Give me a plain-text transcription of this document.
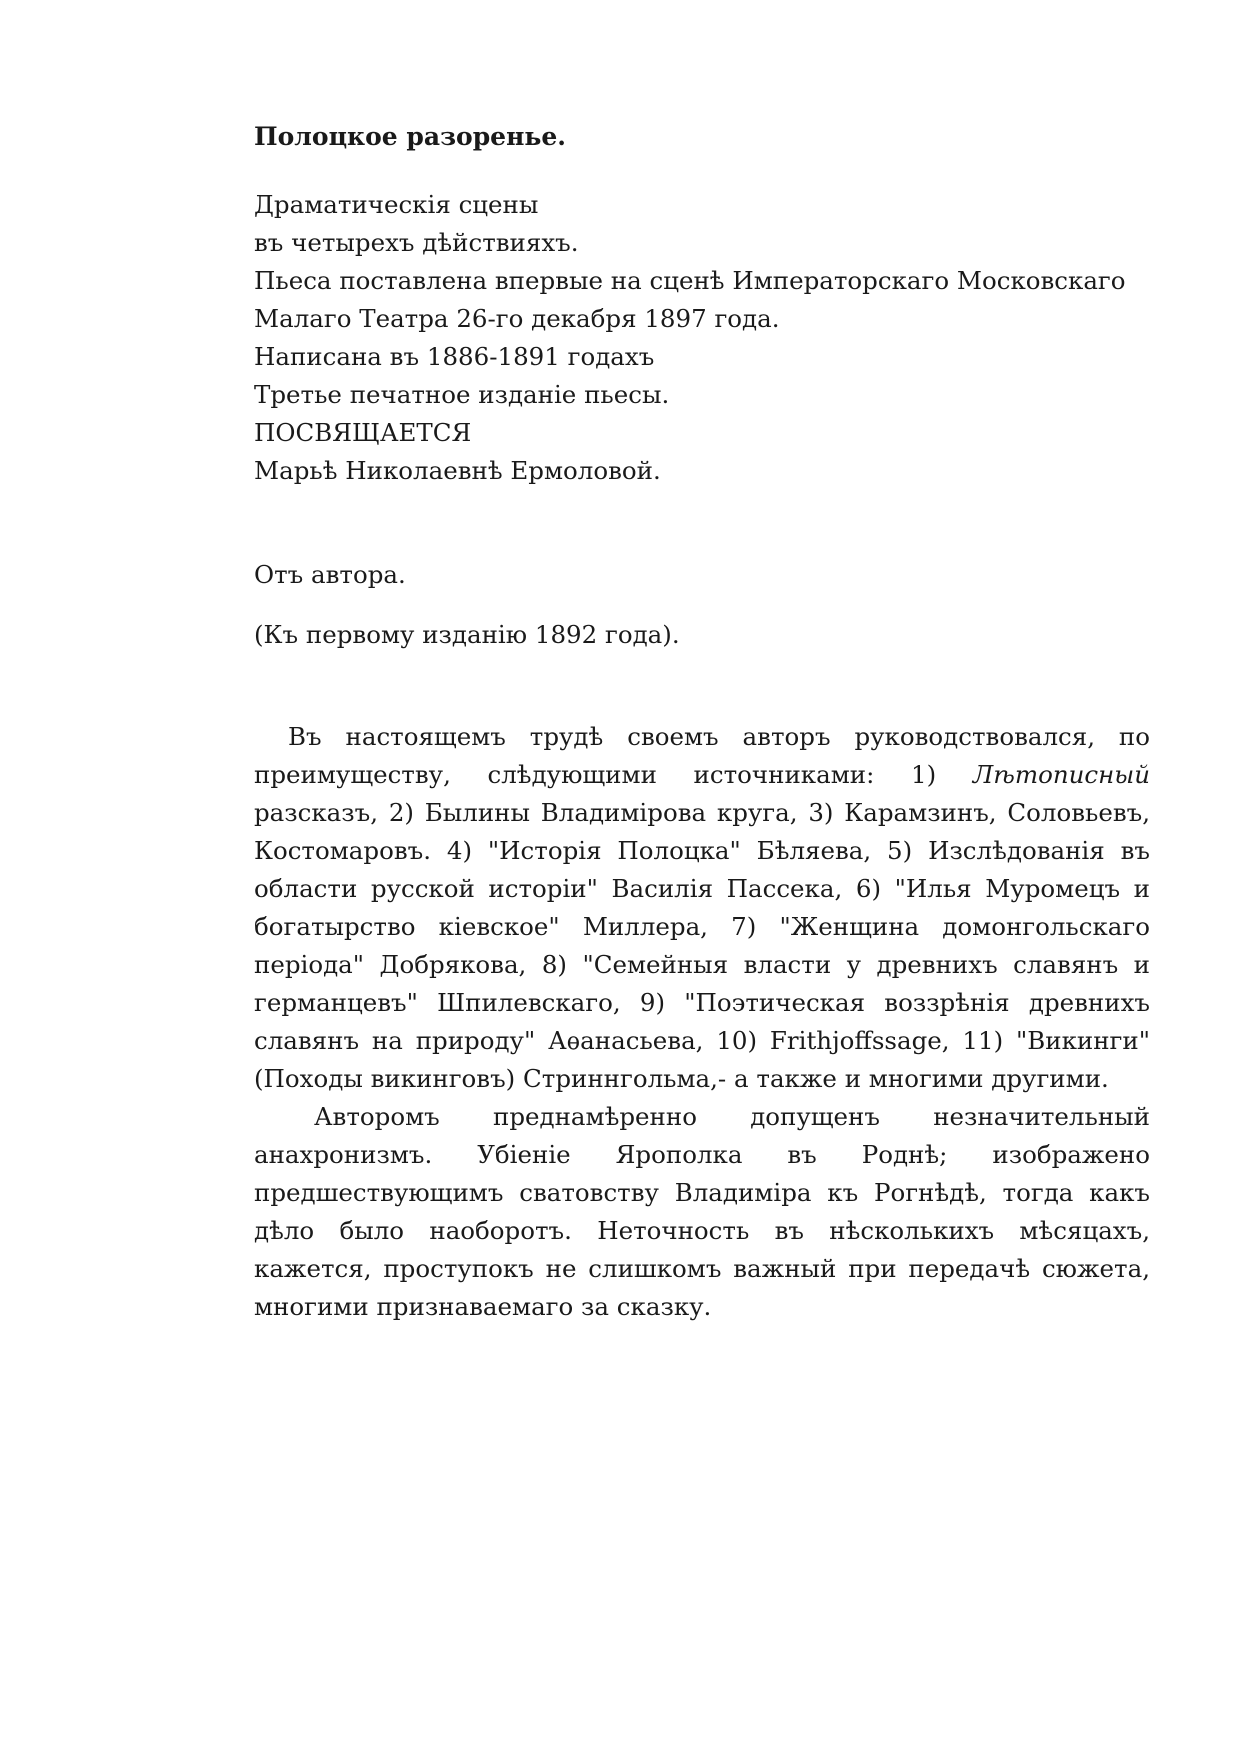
Полоцкое разоренье.

Драматическія сцены
въ четырехъ дѣйствияхъ.
Пьеса поставлена впервые на сценѣ Императорскаго Московскаго
Малаго Театра 26-го декабря 1897 года.
Написана въ 1886-1891 годахъ
Третье печатное изданіе пьесы.
ПОСВЯЩАЕТСЯ
Марьѣ Николаевнѣ Ермоловой.
Отъ автора.
(Къ первому изданію 1892 года).

Въ настоящемъ трудѣ своемъ авторъ руководствовался, по преимуществу, слѣдующими источниками: 1) Лѣтописный разсказъ, 2) Былины Владимірова круга, 3) Карамзинъ, Соловьевъ, Костомаровъ. 4) "Исторія Полоцка" Бѣляева, 5) Изслѣдованія въ области русской исторіи" Василія Пассека, 6) "Илья Муромецъ и богатырство кіевское" Миллера, 7) "Женщина домонгольскаго періода" Добрякова, 8) "Семейныя власти у древнихъ славянъ и германцевъ" Шпилевскаго, 9) "Поэтическая воззрѣнія древнихъ славянъ на природу" Аѳанасьева, 10) Frithjoffssage, 11) "Викинги" (Походы викинговъ) Стриннгольма,- а также и многими другими.

Авторомъ преднамѣренно допущенъ незначительный анахронизмъ. Убіеніе Ярополка въ Роднѣ; изображено предшествующимъ сватовству Владиміра къ Рогнѣдѣ, тогда какъ дѣло было наоборотъ. Неточность въ нѣсколькихъ мѣсяцахъ, кажется, проступокъ не слишкомъ важный при передачѣ сюжета, многими признаваемаго за сказку.
